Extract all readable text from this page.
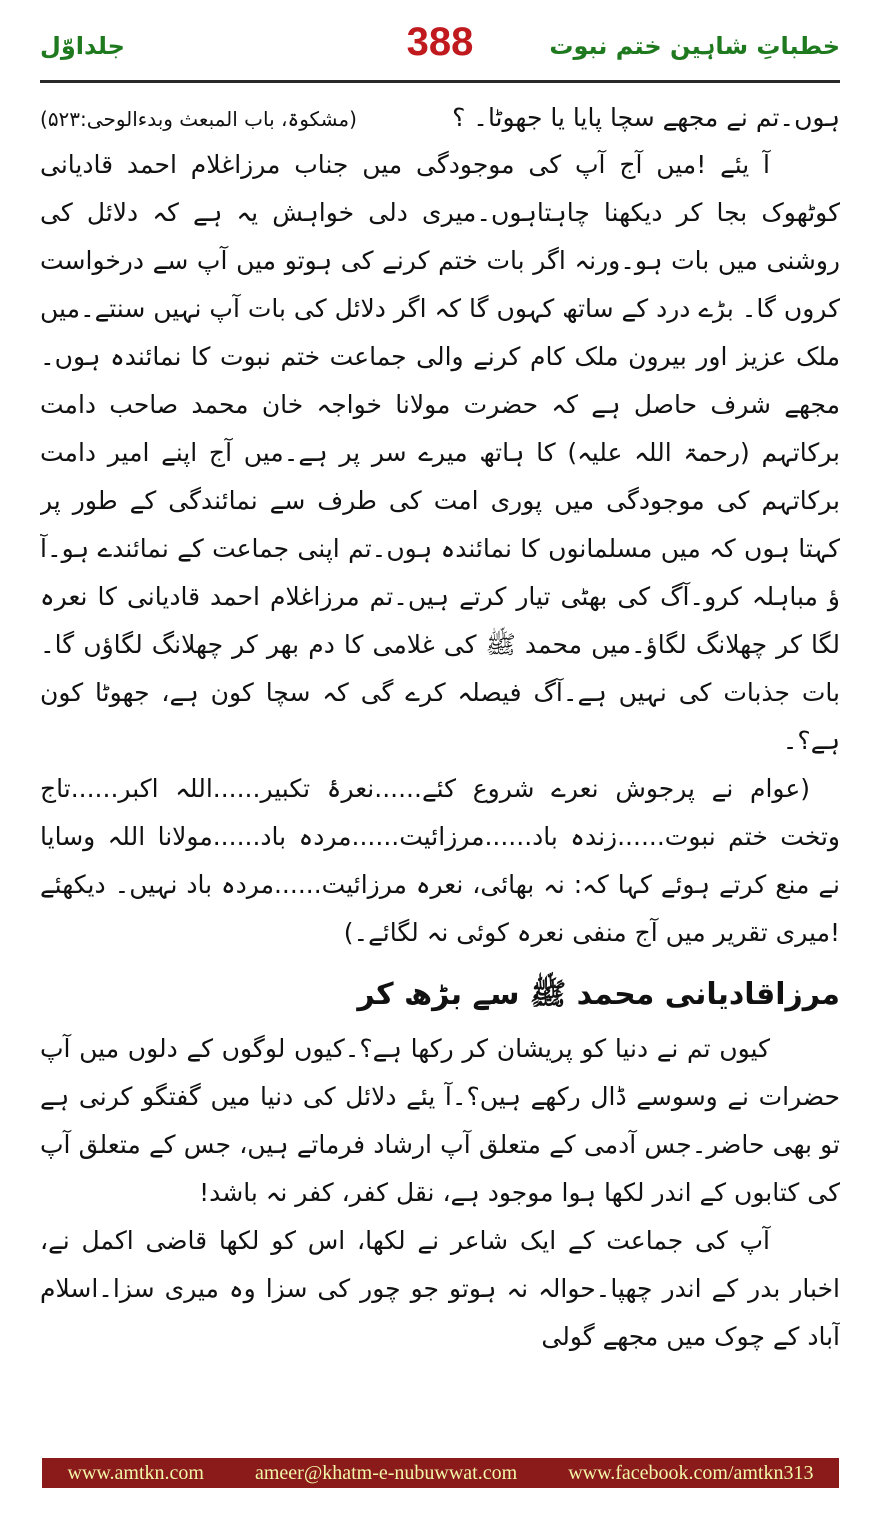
جلداوّل	388	خطباتِ شاہین ختم نبوت
ہوں۔تم نے مجھے سچا پایا یا جھوٹا۔ ؟
(مشکوۃ، باب المبعث وبدءالوحی:۵۲۳)

آ یئے !میں آج آپ کی موجودگی میں جناب مرزاغلام احمد قادیانی کوٹھوک بجا کر دیکھنا چاہتاہوں۔میری دلی خواہش یہ ہے کہ دلائل کی روشنی میں بات ہو۔ورنہ اگر بات ختم کرنے کی ہوتو میں آپ سے درخواست کروں گا۔ بڑے درد کے ساتھ کہوں گا کہ اگر دلائل کی بات آپ نہیں سنتے۔میں ملک عزیز اور بیرون ملک کام کرنے والی جماعت ختم نبوت کا نمائندہ ہوں۔مجھے شرف حاصل ہے کہ حضرت مولانا خواجہ خان محمد صاحب دامت برکاتہم (رحمۃ اللہ علیہ) کا ہاتھ میرے سر پر ہے۔میں آج اپنے امیر دامت برکاتہم کی موجودگی میں پوری امت کی طرف سے نمائندگی کے طور پر کہتا ہوں کہ میں مسلمانوں کا نمائندہ ہوں۔تم اپنی جماعت کے نمائندے ہو۔آ ؤ مباہلہ کرو۔آگ کی بھٹی تیار کرتے ہیں۔تم مرزاغلام احمد قادیانی کا نعرہ لگا کر چھلانگ لگاؤ۔میں محمد ﷺ کی غلامی کا دم بھر کر چھلانگ لگاؤں گا۔بات جذبات کی نہیں ہے۔آگ فیصلہ کرے گی کہ سچا کون ہے، جھوٹا کون ہے؟۔

(عوام نے پرجوش نعرے شروع کئے......نعرۂ تکبیر......اللہ اکبر......تاج وتخت ختم نبوت......زندہ باد......مرزائیت......مردہ باد......مولانا اللہ وسایا نے منع کرتے ہوئے کہا کہ: نہ بھائی، نعرہ مرزائیت......مردہ باد نہیں۔ دیکھئے !میری تقریر میں آج منفی نعرہ کوئی نہ لگائے۔)

مرزاقادیانی محمد ﷺ سے بڑھ کر

کیوں تم نے دنیا کو پریشان کر رکھا ہے؟۔کیوں لوگوں کے دلوں میں آپ حضرات نے وسوسے ڈال رکھے ہیں؟۔آ یئے دلائل کی دنیا میں گفتگو کرنی ہے تو بھی حاضر۔جس آدمی کے متعلق آپ ارشاد فرماتے ہیں، جس کے متعلق آپ کی کتابوں کے اندر لکھا ہوا موجود ہے، نقل کفر، کفر نہ باشد!

آپ کی جماعت کے ایک شاعر نے لکھا، اس کو لکھا قاضی اکمل نے، اخبار بدر کے اندر چھپا۔حوالہ نہ ہوتو جو چور کی سزا وہ میری سزا۔اسلام آباد کے چوک میں مجھے گولی

www.amtkn.com	ameer@khatm-e-nubuwwat.com	www.facebook.com/amtkn313
